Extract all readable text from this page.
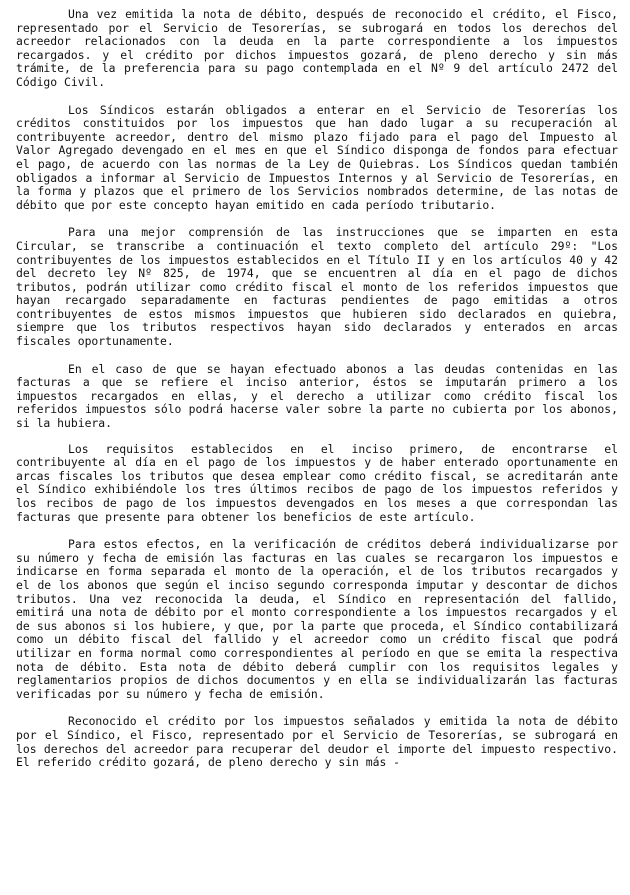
Una vez emitida la nota de débito, después de reconocido el crédito, el Fisco, representado por el Servicio de Tesorerías, se subrogará en todos los derechos del acreedor relacionados con la deuda en la parte correspondiente a los impuestos recargados. y el crédito por dichos impuestos gozará, de pleno derecho y sin más trámite, de la preferencia para su pago contemplada en el Nº 9 del artículo 2472 del Código Civil.

Los Síndicos estarán obligados a enterar en el Servicio de Tesorerías los créditos constituidos por los impuestos que han dado lugar a su recuperación al contribuyente acreedor, dentro del mismo plazo fijado para el pago del Impuesto al Valor Agregado devengado en el mes en que el Síndico disponga de fondos para efectuar el pago, de acuerdo con las normas de la Ley de Quiebras. Los Síndicos quedan también obligados a informar al Servicio de Impuestos Internos y al Servicio de Tesorerías, en la forma y plazos que el primero de los Servicios nombrados determine, de las notas de débito que por este concepto hayan emitido en cada período tributario.

Para una mejor comprensión de las instrucciones que se imparten en esta Circular, se transcribe a continuación el texto completo del artículo 29º: "Los contribuyentes de los impuestos establecidos en el Título II y en los artículos 40 y 42 del decreto ley Nº 825, de 1974, que se encuentren al día en el pago de dichos tributos, podrán utilizar como crédito fiscal el monto de los referidos impuestos que hayan recargado separadamente en facturas pendientes de pago emitidas a otros contribuyentes de estos mismos impuestos que hubieren sido declarados en quiebra, siempre que los tributos respectivos hayan sido declarados y enterados en arcas fiscales oportunamente.

En el caso de que se hayan efectuado abonos a las deudas contenidas en las facturas a que se refiere el inciso anterior, éstos se imputarán primero a los impuestos recargados en ellas, y el derecho a utilizar como crédito fiscal los referidos impuestos sólo podrá hacerse valer sobre la parte no cubierta por los abonos, si la hubiera.

Los requisitos establecidos en el inciso primero, de encontrarse el contribuyente al día en el pago de los impuestos y de haber enterado oportunamente en arcas fiscales los tributos que desea emplear como crédito fiscal, se acreditarán ante el Síndico exhibiéndole los tres últimos recibos de pago de los impuestos referidos y los recibos de pago de los impuestos devengados en los meses a que correspondan las facturas que presente para obtener los beneficios de este artículo.

Para estos efectos, en la verificación de créditos deberá individualizarse por su número y fecha de emisión las facturas en las cuales se recargaron los impuestos e indicarse en forma separada el monto de la operación, el de los tributos recargados y el de los abonos que según el inciso segundo corresponda imputar y descontar de dichos tributos. Una vez reconocida la deuda, el Síndico en representación del fallido, emitirá una nota de débito por el monto correspondiente a los impuestos recargados y el de sus abonos si los hubiere, y que, por la parte que proceda, el Síndico contabilizará como un débito fiscal del fallido y el acreedor como un crédito fiscal que podrá utilizar en forma normal como correspondientes al período en que se emita la respectiva nota de débito. Esta nota de débito deberá cumplir con los requisitos legales y reglamentarios propios de dichos documentos y en ella se individualizarán las facturas verificadas por su número y fecha de emisión.

Reconocido el crédito por los impuestos señalados y emitida la nota de débito por el Síndico, el Fisco, representado por el Servicio de Tesorerías, se subrogará en los derechos del acreedor para recuperar del deudor el importe del impuesto respectivo. El referido crédito gozará, de pleno derecho y sin más -
